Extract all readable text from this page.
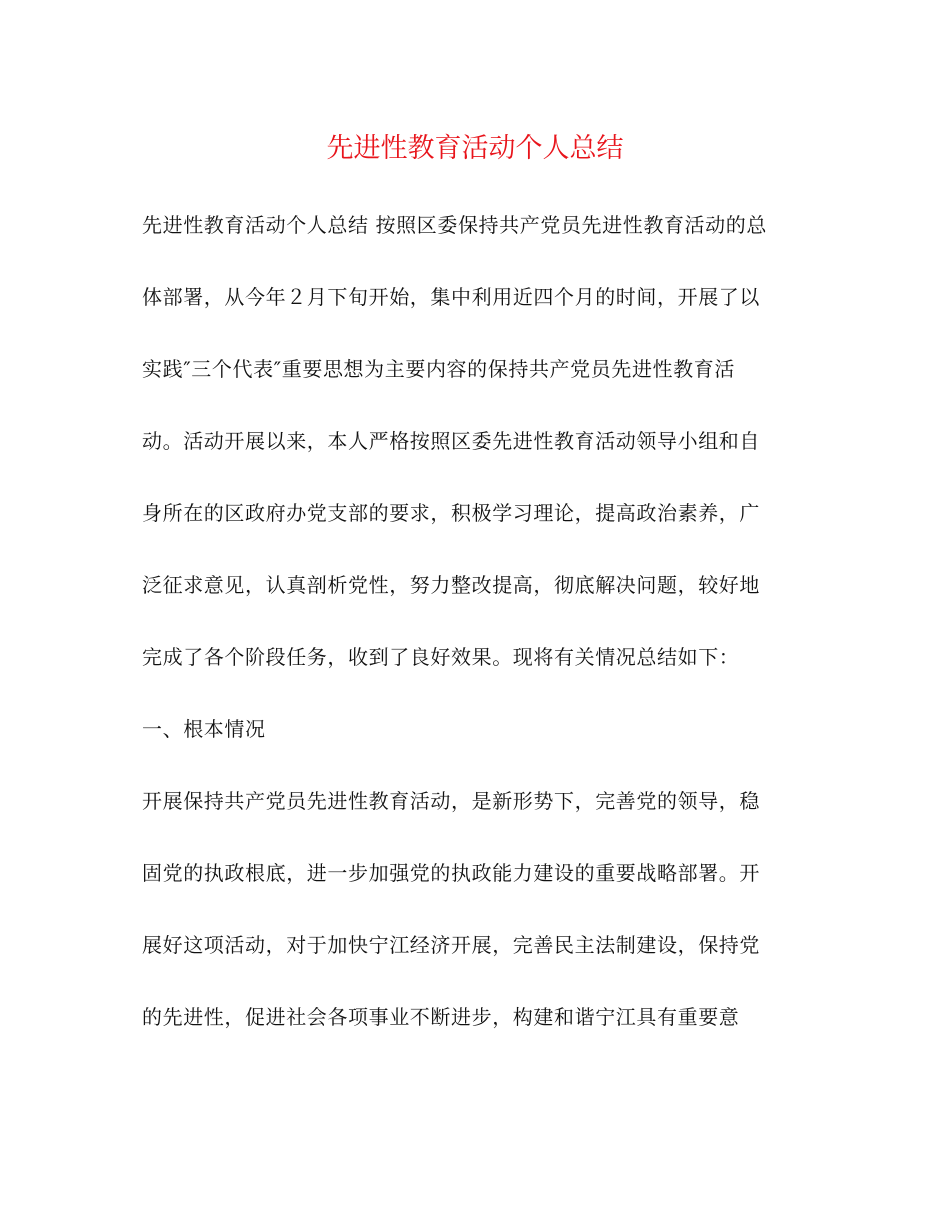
先进性教育活动个人总结
先进性教育活动个人总结 按照区委保持共产党员先进性教育活动的总
体部署，从今年２月下旬开始，集中利用近四个月的时间，开展了以
实践″三个代表″重要思想为主要内容的保持共产党员先进性教育活
动。活动开展以来，本人严格按照区委先进性教育活动领导小组和自
身所在的区政府办党支部的要求，积极学习理论，提高政治素养，广
泛征求意见，认真剖析党性，努力整改提高，彻底解决问题，较好地
完成了各个阶段任务，收到了良好效果。现将有关情况总结如下：
一、根本情况
开展保持共产党员先进性教育活动，是新形势下，完善党的领导，稳
固党的执政根底，进一步加强党的执政能力建设的重要战略部署。开
展好这项活动，对于加快宁江经济开展，完善民主法制建设，保持党
的先进性，促进社会各项事业不断进步，构建和谐宁江具有重要意
